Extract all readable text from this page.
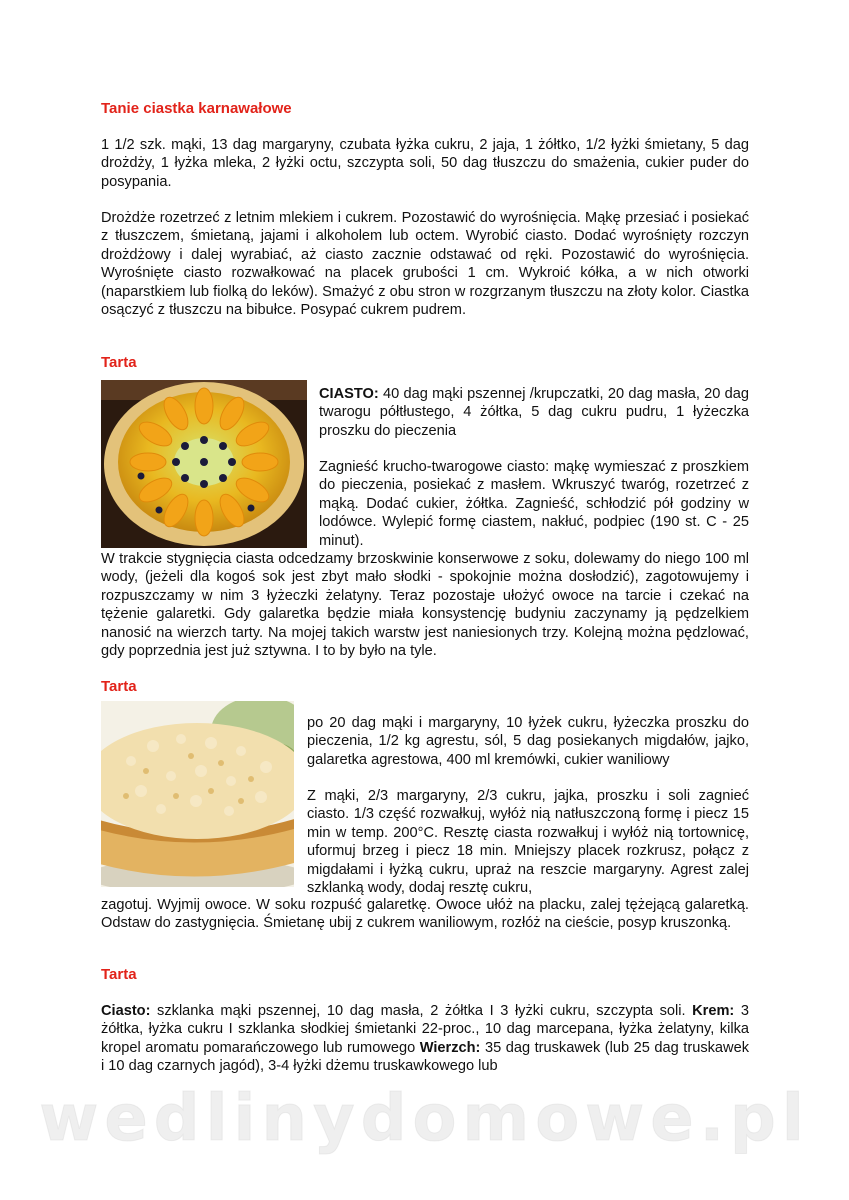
Tanie ciastka karnawałowe

1 1/2 szk. mąki, 13 dag margaryny, czubata łyżka cukru, 2 jaja, 1 żółtko, 1/2 łyżki śmietany, 5 dag drożdży, 1 łyżka mleka, 2 łyżki octu, szczypta soli, 50 dag tłuszczu do smażenia, cukier puder do posypania.

Drożdże rozetrzeć z letnim mlekiem i cukrem. Pozostawić do wyrośnięcia. Mąkę przesiać i posiekać z tłuszczem, śmietaną, jajami i alkoholem lub octem. Wyrobić ciasto. Dodać wyrośnięty rozczyn drożdżowy i dalej wyrabiać, aż ciasto zacznie odstawać od ręki. Pozostawić do wyrośnięcia. Wyrośnięte ciasto rozwałkować na placek grubości 1 cm. Wykroić kółka, a w nich otworki (naparstkiem lub fiolką do leków). Smażyć z obu stron w rozgrzanym tłuszczu na złoty kolor. Ciastka osączyć z tłuszczu na bibułce. Posypać cukrem pudrem.

Tarta

CIASTO: 40 dag mąki pszennej /krupczatki, 20 dag masła, 20 dag twarogu półtłustego, 4 żółtka, 5 dag cukru pudru, 1 łyżeczka proszku do pieczenia

Zagnieść krucho-twarogowe ciasto: mąkę wymieszać z proszkiem do pieczenia, posiekać z masłem. Wkruszyć twaróg, rozetrzeć z mąką. Dodać cukier, żółtka. Zagnieść, schłodzić pół godziny w lodówce. Wylepić formę ciastem, nakłuć, podpiec (190 st. C - 25 minut).

W trakcie stygnięcia ciasta odcedzamy brzoskwinie konserwowe z soku, dolewamy do niego 100 ml wody, (jeżeli dla kogoś sok jest zbyt mało słodki - spokojnie można dosłodzić), zagotowujemy i rozpuszczamy w nim 3 łyżeczki żelatyny. Teraz pozostaje ułożyć owoce na tarcie i czekać na tężenie galaretki. Gdy galaretka będzie miała konsystencję budyniu zaczynamy ją pędzelkiem nanosić na wierzch tarty. Na mojej takich warstw jest naniesionych trzy. Kolejną można pędzlować, gdy poprzednia jest już sztywna. I to by było na tyle.

Tarta

po 20 dag mąki i margaryny, 10 łyżek cukru, łyżeczka proszku do pieczenia, 1/2 kg agrestu, sól, 5 dag posiekanych migdałów, jajko, galaretka agrestowa, 400 ml kremówki, cukier waniliowy

Z mąki, 2/3 margaryny, 2/3 cukru, jajka, proszku i soli zagnieć ciasto. 1/3 część rozwałkuj, wyłóż nią natłuszczoną formę i piecz 15 min w temp. 200°C. Resztę ciasta rozwałkuj i wyłóż nią tortownicę, uformuj brzeg i piecz 18 min. Mniejszy placek rozkrusz, połącz z migdałami i łyżką cukru, upraż na reszcie margaryny. Agrest zalej szklanką wody, dodaj resztę cukru,

zagotuj. Wyjmij owoce. W soku rozpuść galaretkę. Owoce ułóż na placku, zalej tężejącą galaretką. Odstaw do zastygnięcia. Śmietanę ubij z cukrem waniliowym, rozłóż na cieście, posyp kruszonką.

Tarta

Ciasto: szklanka mąki pszennej, 10 dag masła, 2 żółtka I 3 łyżki cukru, szczypta soli. Krem: 3 żółtka, łyżka cukru I szklanka słodkiej śmietanki 22-proc., 10 dag marcepana, łyżka żelatyny, kilka kropel aromatu pomarańczowego lub rumowego Wierzch: 35 dag truskawek (lub 25 dag truskawek i 10 dag czarnych jagód), 3-4 łyżki dżemu truskawkowego lub

wedlinydomowe.pl
